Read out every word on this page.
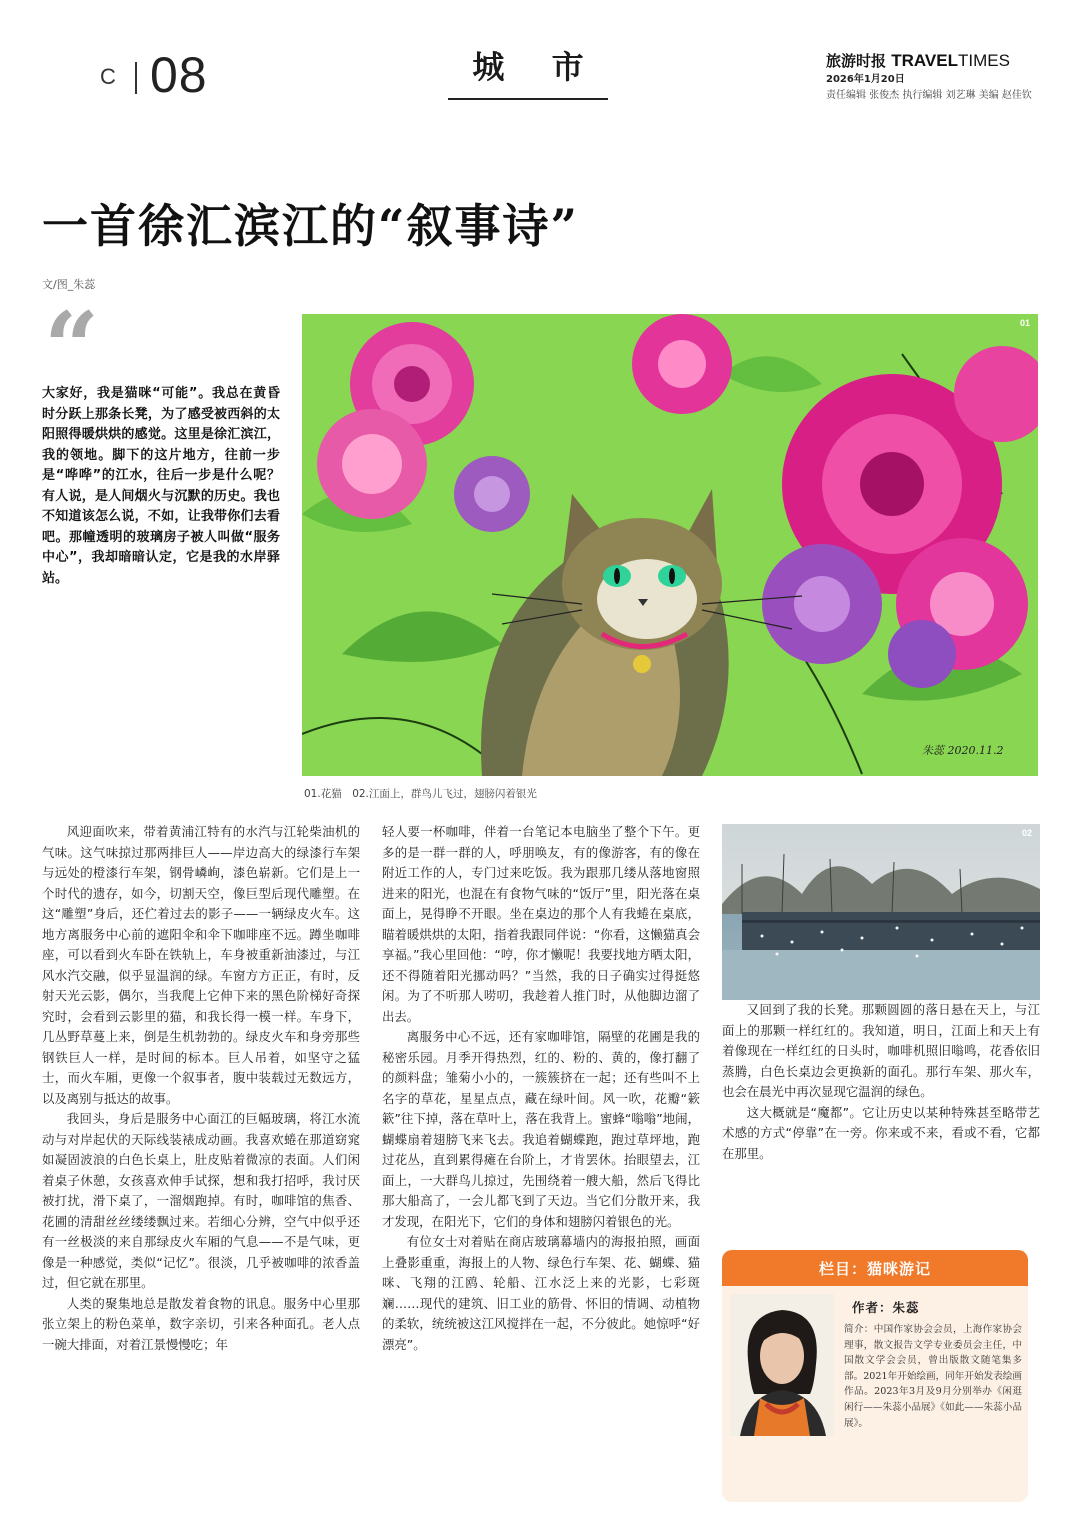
C 08	城 市	旅游时报 TRAVELTIMES
2026年1月20日
责任编辑 张俊杰 执行编辑 刘艺琳 美编 赵佳钦
一首徐汇滨江的“叙事诗”
文/图_朱蕊
“
大家好，我是猫咪“可能”。我总在黄昏时分跃上那条长凳，为了感受被西斜的太阳照得暖烘烘的感觉。这里是徐汇滨江，我的领地。脚下的这片地方，往前一步是“哗哗”的江水，往后一步是什么呢？有人说，是人间烟火与沉默的历史。我也不知道该怎么说，不如，让我带你们去看吧。那幢透明的玻璃房子被人叫做“服务中心”，我却暗暗认定，它是我的水岸驿站。
朱蕊 2020.11.2
01
01.花猫　02.江面上，群鸟儿飞过，翅膀闪着银光

风迎面吹来，带着黄浦江特有的水汽与江轮柴油机的气味。这气味掠过那两排巨人——岸边高大的绿漆行车架与远处的橙漆行车架，钢骨嶙峋，漆色崭新。它们是上一个时代的遗存，如今，切割天空，像巨型后现代雕塑。在这“雕塑”身后，还伫着过去的影子——一辆绿皮火车。这地方离服务中心前的遮阳伞和伞下咖啡座不远。蹲坐咖啡座，可以看到火车卧在铁轨上，车身被重新油漆过，与江风水汽交融，似乎显温润的绿。车窗方方正正，有时，反射天光云影，偶尔，当我爬上它伸下来的黑色阶梯好奇探究时，会看到云影里的猫，和我长得一模一样。车身下，几丛野草蔓上来，倒是生机勃勃的。绿皮火车和身旁那些钢铁巨人一样，是时间的标本。巨人吊着，如坚守之猛士，而火车厢，更像一个叙事者，腹中装载过无数远方，以及离别与抵达的故事。

我回头，身后是服务中心面江的巨幅玻璃，将江水流动与对岸起伏的天际线装裱成动画。我喜欢蜷在那道窈窕如凝固波浪的白色长桌上，肚皮贴着微凉的表面。人们闲着桌子休憩，女孩喜欢伸手试探，想和我打招呼，我讨厌被打扰，滑下桌了，一溜烟跑掉。有时，咖啡馆的焦香、花圃的清甜丝丝缕缕飘过来。若细心分辨，空气中似乎还有一丝极淡的来自那绿皮火车厢的气息——不是气味，更像是一种感觉，类似“记忆”。很淡，几乎被咖啡的浓香盖过，但它就在那里。

人类的聚集地总是散发着食物的讯息。服务中心里那张立架上的粉色菜单，数字亲切，引来各种面孔。老人点一碗大排面，对着江景慢慢吃；年

轻人要一杯咖啡，伴着一台笔记本电脑坐了整个下午。更多的是一群一群的人，呼朋唤友，有的像游客，有的像在附近工作的人，专门过来吃饭。我为跟那几缕从落地窗照进来的阳光，也混在有食物气味的“饭厅”里，阳光落在桌面上，晃得睁不开眼。坐在桌边的那个人有我蜷在桌底，瞄着暖烘烘的太阳，指着我跟同伴说：“你看，这懒猫真会享福。”我心里回他：“哼，你才懒呢！我要找地方晒太阳，还不得随着阳光挪动吗？”当然，我的日子确实过得挺悠闲。为了不听那人唠叨，我趁着人推门时，从他脚边溜了出去。

离服务中心不远，还有家咖啡馆，隔壁的花圃是我的秘密乐园。月季开得热烈，红的、粉的、黄的，像打翻了的颜料盘；雏菊小小的，一簇簇挤在一起；还有些叫不上名字的草花，星星点点，藏在绿叶间。风一吹，花瓣“簌簌”往下掉，落在草叶上，落在我背上。蜜蜂“嗡嗡”地闹，蝴蝶扇着翅膀飞来飞去。我追着蝴蝶跑，跑过草坪地，跑过花丛，直到累得瘫在台阶上，才肯罢休。抬眼望去，江面上，一大群鸟儿掠过，先围绕着一艘大船，然后飞得比那大船高了，一会儿都飞到了天边。当它们分散开来，我才发现，在阳光下，它们的身体和翅膀闪着银色的光。

有位女士对着贴在商店玻璃幕墙内的海报拍照，画面上叠影重重，海报上的人物、绿色行车架、花、蝴蝶、猫咪、飞翔的江鸥、轮船、江水泛上来的光影，七彩斑斓……现代的建筑、旧工业的筋骨、怀旧的情调、动植物的柔软，统统被这江风搅拌在一起，不分彼此。她惊呼“好漂亮”。

02

又回到了我的长凳。那颗圆圆的落日悬在天上，与江面上的那颗一样红红的。我知道，明日，江面上和天上有着像现在一样红红的日头时，咖啡机照旧嗡鸣，花香依旧蒸腾，白色长桌边会更换新的面孔。那行车架、那火车，也会在晨光中再次显现它温润的绿色。

这大概就是“魔都”。它让历史以某种特殊甚至略带艺术感的方式“停靠”在一旁。你来或不来，看或不看，它都在那里。

栏目：猫咪游记
作者：朱蕊
简介：中国作家协会会员，上海作家协会理事，散文报告文学专业委员会主任，中国散文学会会员，曾出版散文随笔集多部。2021年开始绘画，同年开始发表绘画作品。2023年3月及9月分别举办《闲逛闲行——朱蕊小品展》《如此——朱蕊小品展》。
